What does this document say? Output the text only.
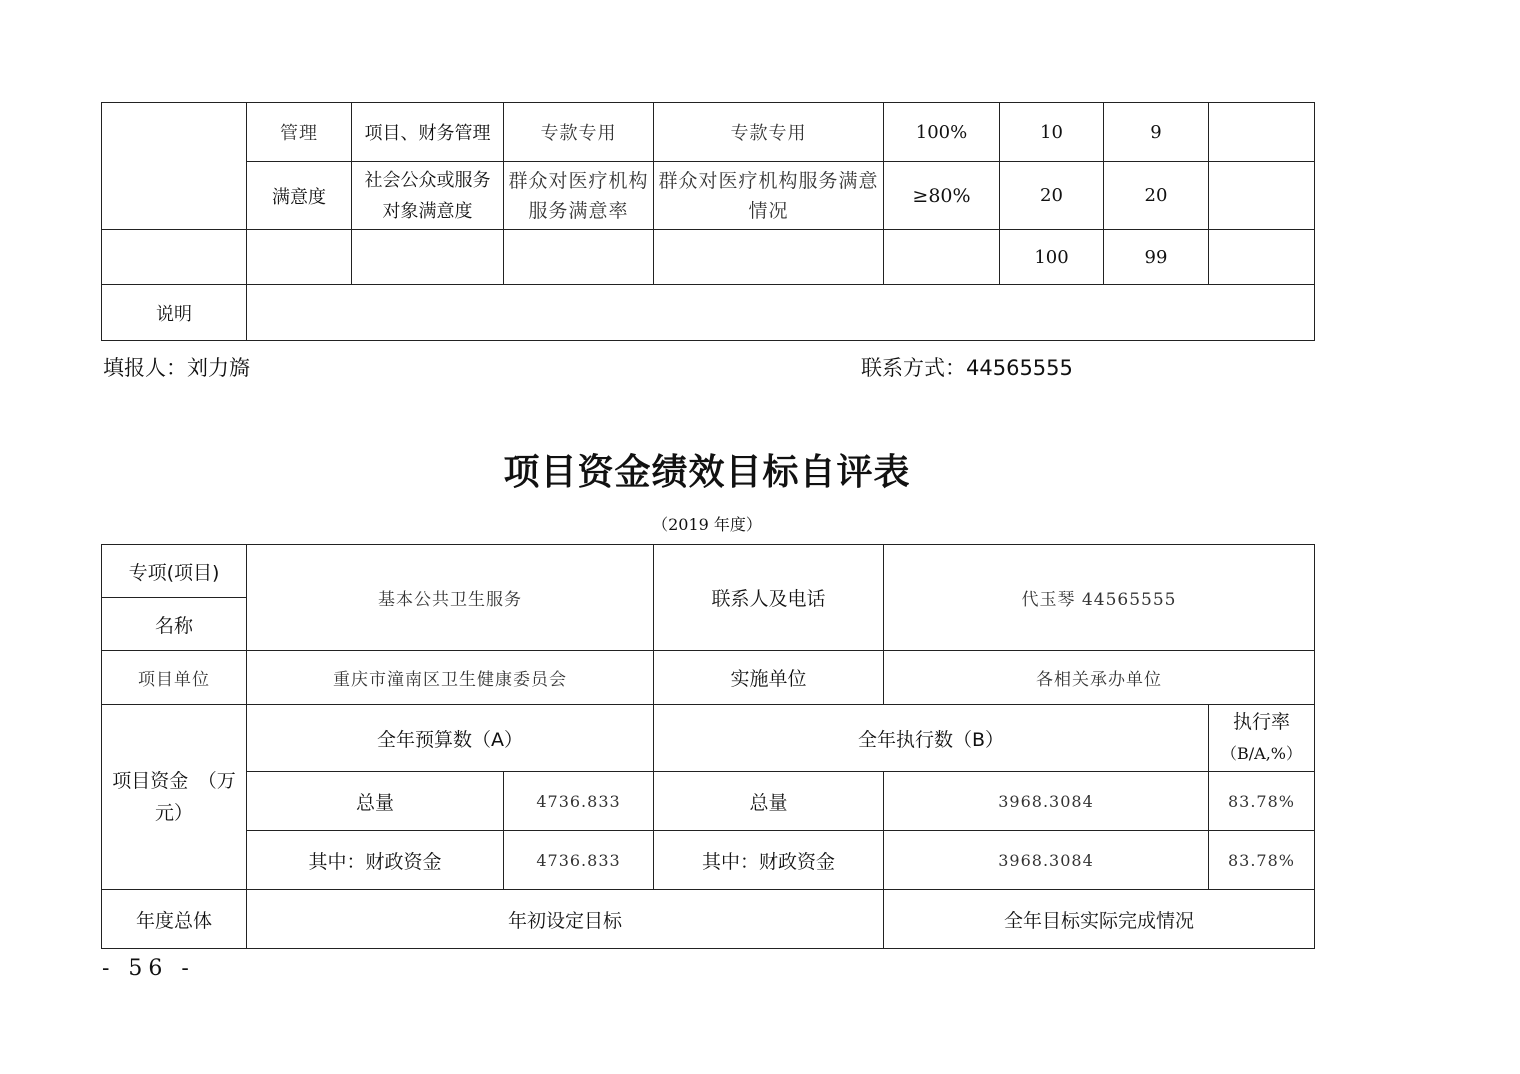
	管理	项目、财务管理	专款专用	专款专用	100%	10	9	
	满意度	社会公众或服务对象满意度	群众对医疗机构服务满意率	群众对医疗机构服务满意情况	≥80%	20	20	
						100	99	
说明								
填报人：刘力旖	联系方式：44565555
项目资金绩效目标自评表
（2019 年度）
专项(项目)	基本公共卫生服务		联系人及电话	代玉琴 44565555	
名称					
项目单位	重庆市潼南区卫生健康委员会		实施单位	各相关承办单位	
项目资金　（万元）	全年预算数（A）		全年执行数（B）		执行率
（B/A,%）

	总量	4736.833	总量	3968.3084	83.78%
	其中：财政资金	4736.833	其中：财政资金	3968.3084	83.78%
年度总体	年初设定目标			全年目标实际完成情况	
- 56 -
